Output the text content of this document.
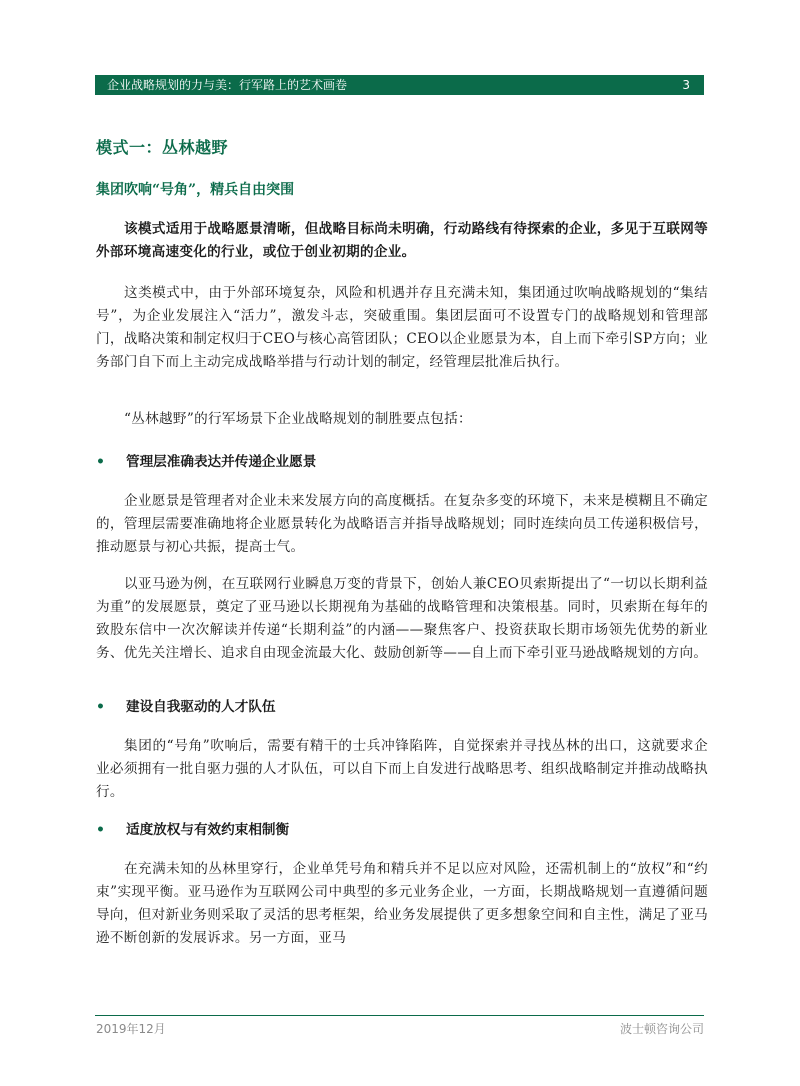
企业战略规划的力与美：行军路上的艺术画卷	3
模式一：丛林越野
集团吹响“号角”，精兵自由突围

该模式适用于战略愿景清晰，但战略目标尚未明确，行动路线有待探索的企业，多见于互联网等外部环境高速变化的行业，或位于创业初期的企业。

这类模式中，由于外部环境复杂，风险和机遇并存且充满未知，集团通过吹响战略规划的“集结号”，为企业发展注入“活力”，激发斗志，突破重围。集团层面可不设置专门的战略规划和管理部门，战略决策和制定权归于CEO与核心高管团队；CEO以企业愿景为本，自上而下牵引SP方向；业务部门自下而上主动完成战略举措与行动计划的制定，经管理层批准后执行。

“丛林越野”的行军场景下企业战略规划的制胜要点包括：

• 管理层准确表达并传递企业愿景

企业愿景是管理者对企业未来发展方向的高度概括。在复杂多变的环境下，未来是模糊且不确定的，管理层需要准确地将企业愿景转化为战略语言并指导战略规划；同时连续向员工传递积极信号，推动愿景与初心共振，提高士气。

以亚马逊为例，在互联网行业瞬息万变的背景下，创始人兼CEO贝索斯提出了“一切以长期利益为重”的发展愿景，奠定了亚马逊以长期视角为基础的战略管理和决策根基。同时，贝索斯在每年的致股东信中一次次解读并传递“长期利益”的内涵——聚焦客户、投资获取长期市场领先优势的新业务、优先关注增长、追求自由现金流最大化、鼓励创新等——自上而下牵引亚马逊战略规划的方向。

• 建设自我驱动的人才队伍

集团的“号角”吹响后，需要有精干的士兵冲锋陷阵，自觉探索并寻找丛林的出口，这就要求企业必须拥有一批自驱力强的人才队伍，可以自下而上自发进行战略思考、组织战略制定并推动战略执行。

• 适度放权与有效约束相制衡

在充满未知的丛林里穿行，企业单凭号角和精兵并不足以应对风险，还需机制上的“放权”和“约束”实现平衡。亚马逊作为互联网公司中典型的多元业务企业，一方面，长期战略规划一直遵循问题导向，但对新业务则采取了灵活的思考框架，给业务发展提供了更多想象空间和自主性，满足了亚马逊不断创新的发展诉求。另一方面，亚马

2019年12月	波士顿咨询公司
